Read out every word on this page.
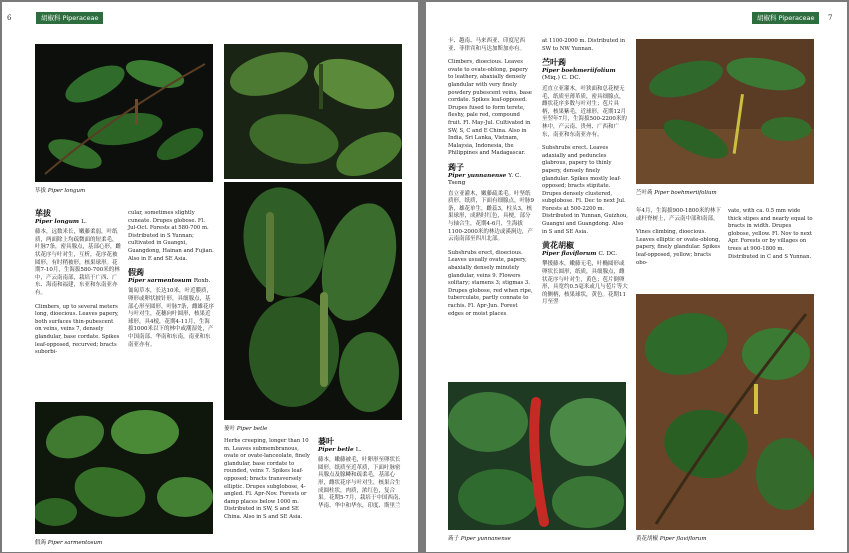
6	胡椒科 Piperaceae
荜拔 Piper longum
蒌叶 Piper betle
假蒟 Piper sarmentosum
荜拔
Piper longum L.

藤本，远数米长，嫩藤柔弱，叶纸质，两面除上均疏微面的短柔毛，叶脉7条，密具腺点，基部心形，雌状花序与叶对生，互析，花序花被圆形，有时稍被形，核果球形。花期7-10月，生海拔580-700米的林中，产云南南部，栽培于广西、广东、海南和福建，东亚和东南亚亦有。

Climbers, up to several meters long, dioecious. Leaves papery, both surfaces thin-pubescent on veins, veins 7, densely glandular, base cordate. Spikes leaf-opposed, recurved; bracts suborbi-

cular, sometimes slightly cuneate. Drupes globose. Fl. Jul-Oct. Forests at 580-700 m. Distributed in S Yunnan; cultivated in Guangxi, Guangdong, Hainan and Fujian. Also in E and SE Asia.

假蒟
Piper sarmentosum Roxb.

匍匐草本，长达10米，叶近膜质，卵形或卵状披针形，具细腺点，基部心形至圆形，叶脉7条，雌雄花序与叶对生，花穗向叶圆形，核果近球形，具4棱，花期4-11月，生海拔1000米以下的林中或潮湿处，产中国南部、华南和东南，南亚和东南亚亦有。

Herbs creeping, longer than 10 m. Leaves submembranous, ovate or ovate-lanceolate, finely glandular, base cordate to rounded, veins 7. Spikes leaf-opposed; bracts transversely elliptic. Drupes subglobose, 4-angled. Fl. Apr-Nov. Forests or damp places below 1000 m. Distributed in SW, S and SE China. Also in S and SE Asia.

蒌叶
Piper betle L.

藤本，嫩藤被毛，叶卵形至卵状长圆形，纸质至近革质，下面叶脉密具腺点及腺鳞和疏柔毛，基部心形，雌状花序与叶对生，核果合生成圆柱状，肉质，浓红色，复合果。花期5-7月，栽培于中国西南、华南、华中和华东，印度、斯里兰

胡椒科 Piperaceae	7
苎叶蒟 Piper boehmeriifolium
蒟子 Piper yunnanense	黄花胡椒 Piper flaviflorum

卡、越南、马来西亚、印度尼西亚、菲律宾和马达加斯加亦有。

Climbers, dioecious. Leaves ovate to ovate-oblong, papery to leathery, abaxially densely glandular with very finely powdery pubescent veins, base cordate. Spikes leaf-opposed. Drupes fused to form terete, fleshy, pale red, compound fruit. Fl. May-Jul. Cultivated in SW, S, C and E China. Also in India, Sri Lanka, Vietnam, Malaysia, Indonesia, the Philippines and Madagascar.

蒟子
Piper yunnanense Y. C. Tseng

直立亚灌木，嫩藤疏柔毛。叶坚纸质形，纸质，下面有细腺点，叶脉9条，雄花单生，雌蕊3，柱头3，核果球形，成熟时红色，具梗，部分与轴合生，花期4-6月，生海拔1100-2000米的林边或溪涧边，产云南南部至四川北部。

Subshrubs erect, dioecious. Leaves usually ovate, papery, abaxially densely minutely glandular, veins 9. Flowers solitary; stamens 3; stigmas 3. Drupes globose, red when ripe, tuberculate, partly connate to rachis. Fl. Apr-Jun. Forest edges or moist places

at 1100-2000 m. Distributed in SW to NW Yunnan.

苎叶蒟
Piper boehmeriifolium (Miq.) C. DC.

近直立亚灌木，叶狭面和总花梗无毛，纸质至薄革质，密具细腺点，雌状花序多数与叶对生；苞片具柄，核果紫毛，近球形，花期12月至翌年7月，生海拔500-2200米的林中，产云南、贵州、广西和广东，南亚和东南亚亦有。

Subshrubs erect. Leaves adaxially and peduncles glabrous, papery to thinly papery, densely finely glandular. Spikes mostly leaf-opposed; bracts stipitate. Drupes densely clustered, subglobose. Fl. Dec to next Jul. Forests at 500-2200 m. Distributed in Yunnan, Guizhou, Guangxi and Guangdong. Also in S and SE Asia.

黄花胡椒
Piper flaviflorum C. DC.

攀援藤本，嫩藤无毛，叶椭圆形或卵状长圆形，纸质，具细腺点，雌状花序与叶对生，黄色；苞片倒卵形，具宽约0.5毫米或几与苞片等大的侧柄，核果球状，黄色。花期11月至翌

年4月，生海拔900-1800米的林下或杆脊树上，产云南中部和南部。

Vines climbing, dioecious. Leaves elliptic or ovate-oblong, papery, finely glandular. Spikes leaf-opposed, yellow; bracts obo-

vate, with ca. 0.5 mm wide thick stipes and nearly equal to bracts in width. Drupes globose, yellow. Fl. Nov to next Apr. Forests or by villages on trees at 900-1800 m. Distributed in C and S Yunnan.
